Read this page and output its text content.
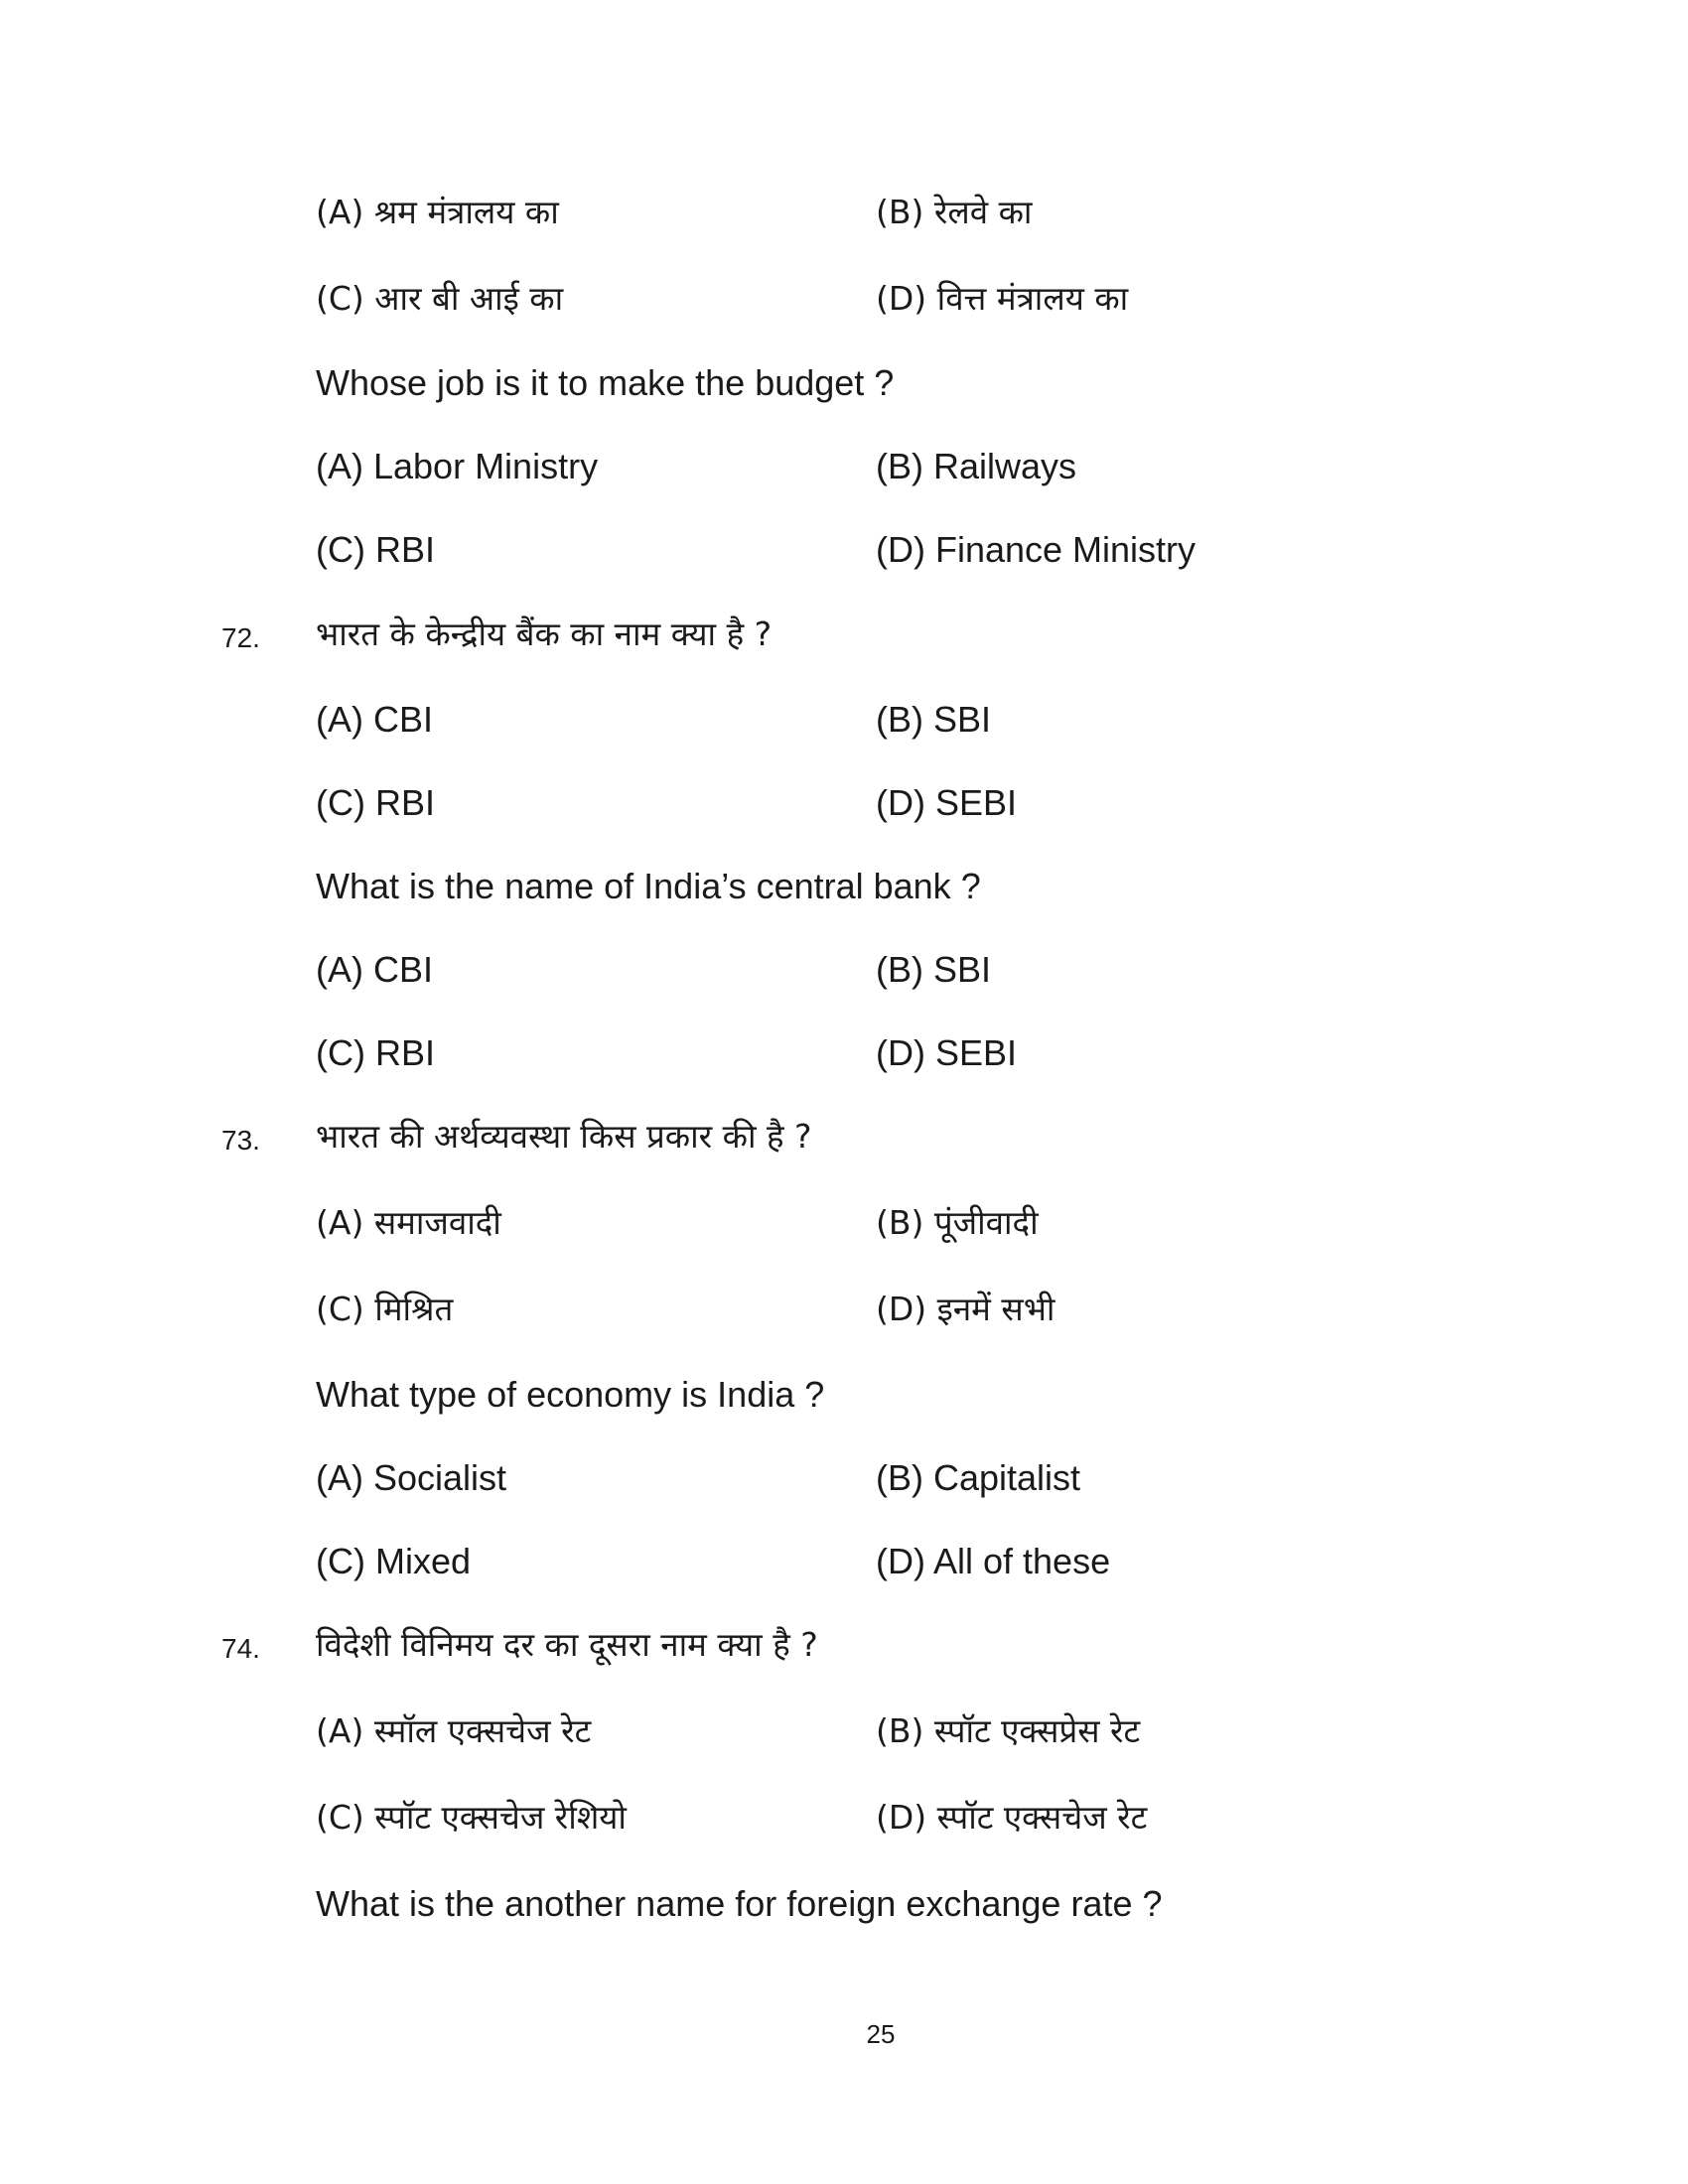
(A) श्रम मंत्रालय का	(B) रेलवे का
(C) आर बी आई का	(D) वित्त मंत्रालय का
Whose job is it to make the budget ?
(A) Labor Ministry	(B) Railways
(C) RBI	(D) Finance Ministry
72. भारत के केन्द्रीय बैंक का नाम क्या है ?
(A) CBI	(B) SBI
(C) RBI	(D) SEBI
What is the name of India’s central bank ?
(A) CBI	(B) SBI
(C) RBI	(D) SEBI
73. भारत की अर्थव्यवस्था किस प्रकार की है ?
(A) समाजवादी	(B) पूंजीवादी
(C) मिश्रित	(D) इनमें सभी
What type of economy is India ?
(A) Socialist	(B) Capitalist
(C) Mixed	(D) All of these
74. विदेशी विनिमय दर का दूसरा नाम क्या है ?
(A) स्मॉल एक्सचेज रेट	(B) स्पॉट एक्सप्रेस रेट
(C) स्पॉट एक्सचेज रेशियो	(D) स्पॉट एक्सचेज रेट
What is the another name for foreign exchange rate ?
25
